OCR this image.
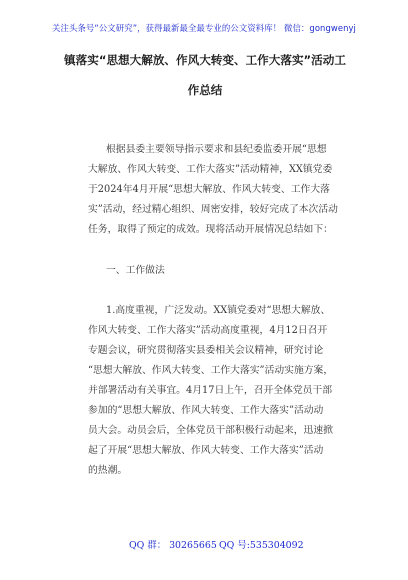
关注头条号“公文研究”，获得最新最全最专业的公文资料库！ 微信：gongwenyj
镇落实“思想大解放、作风大转变、工作大落实”活动工
作总结
根据县委主要领导指示要求和县纪委监委开展“思想
大解放、作风大转变、工作大落实”活动精神，XX镇党委
于2024年4月开展“思想大解放、作风大转变、工作大落
实”活动，经过精心组织、周密安排，较好完成了本次活动
任务，取得了预定的成效。现将活动开展情况总结如下：
一、工作做法
1.高度重视，广泛发动。XX镇党委对“思想大解放、
作风大转变、工作大落实”活动高度重视，4月12日召开
专题会议，研究贯彻落实县委相关会议精神，研究讨论
“思想大解放、作风大转变、工作大落实”活动实施方案，
并部署活动有关事宜。4月17日上午，召开全体党员干部
参加的“思想大解放、作风大转变、工作大落实”活动动
员大会。动员会后，全体党员干部积极行动起来，迅速掀
起了开展“思想大解放、作风大转变、工作大落实”活动
的热潮。
QQ 群： 30265665 QQ 号:535304092
